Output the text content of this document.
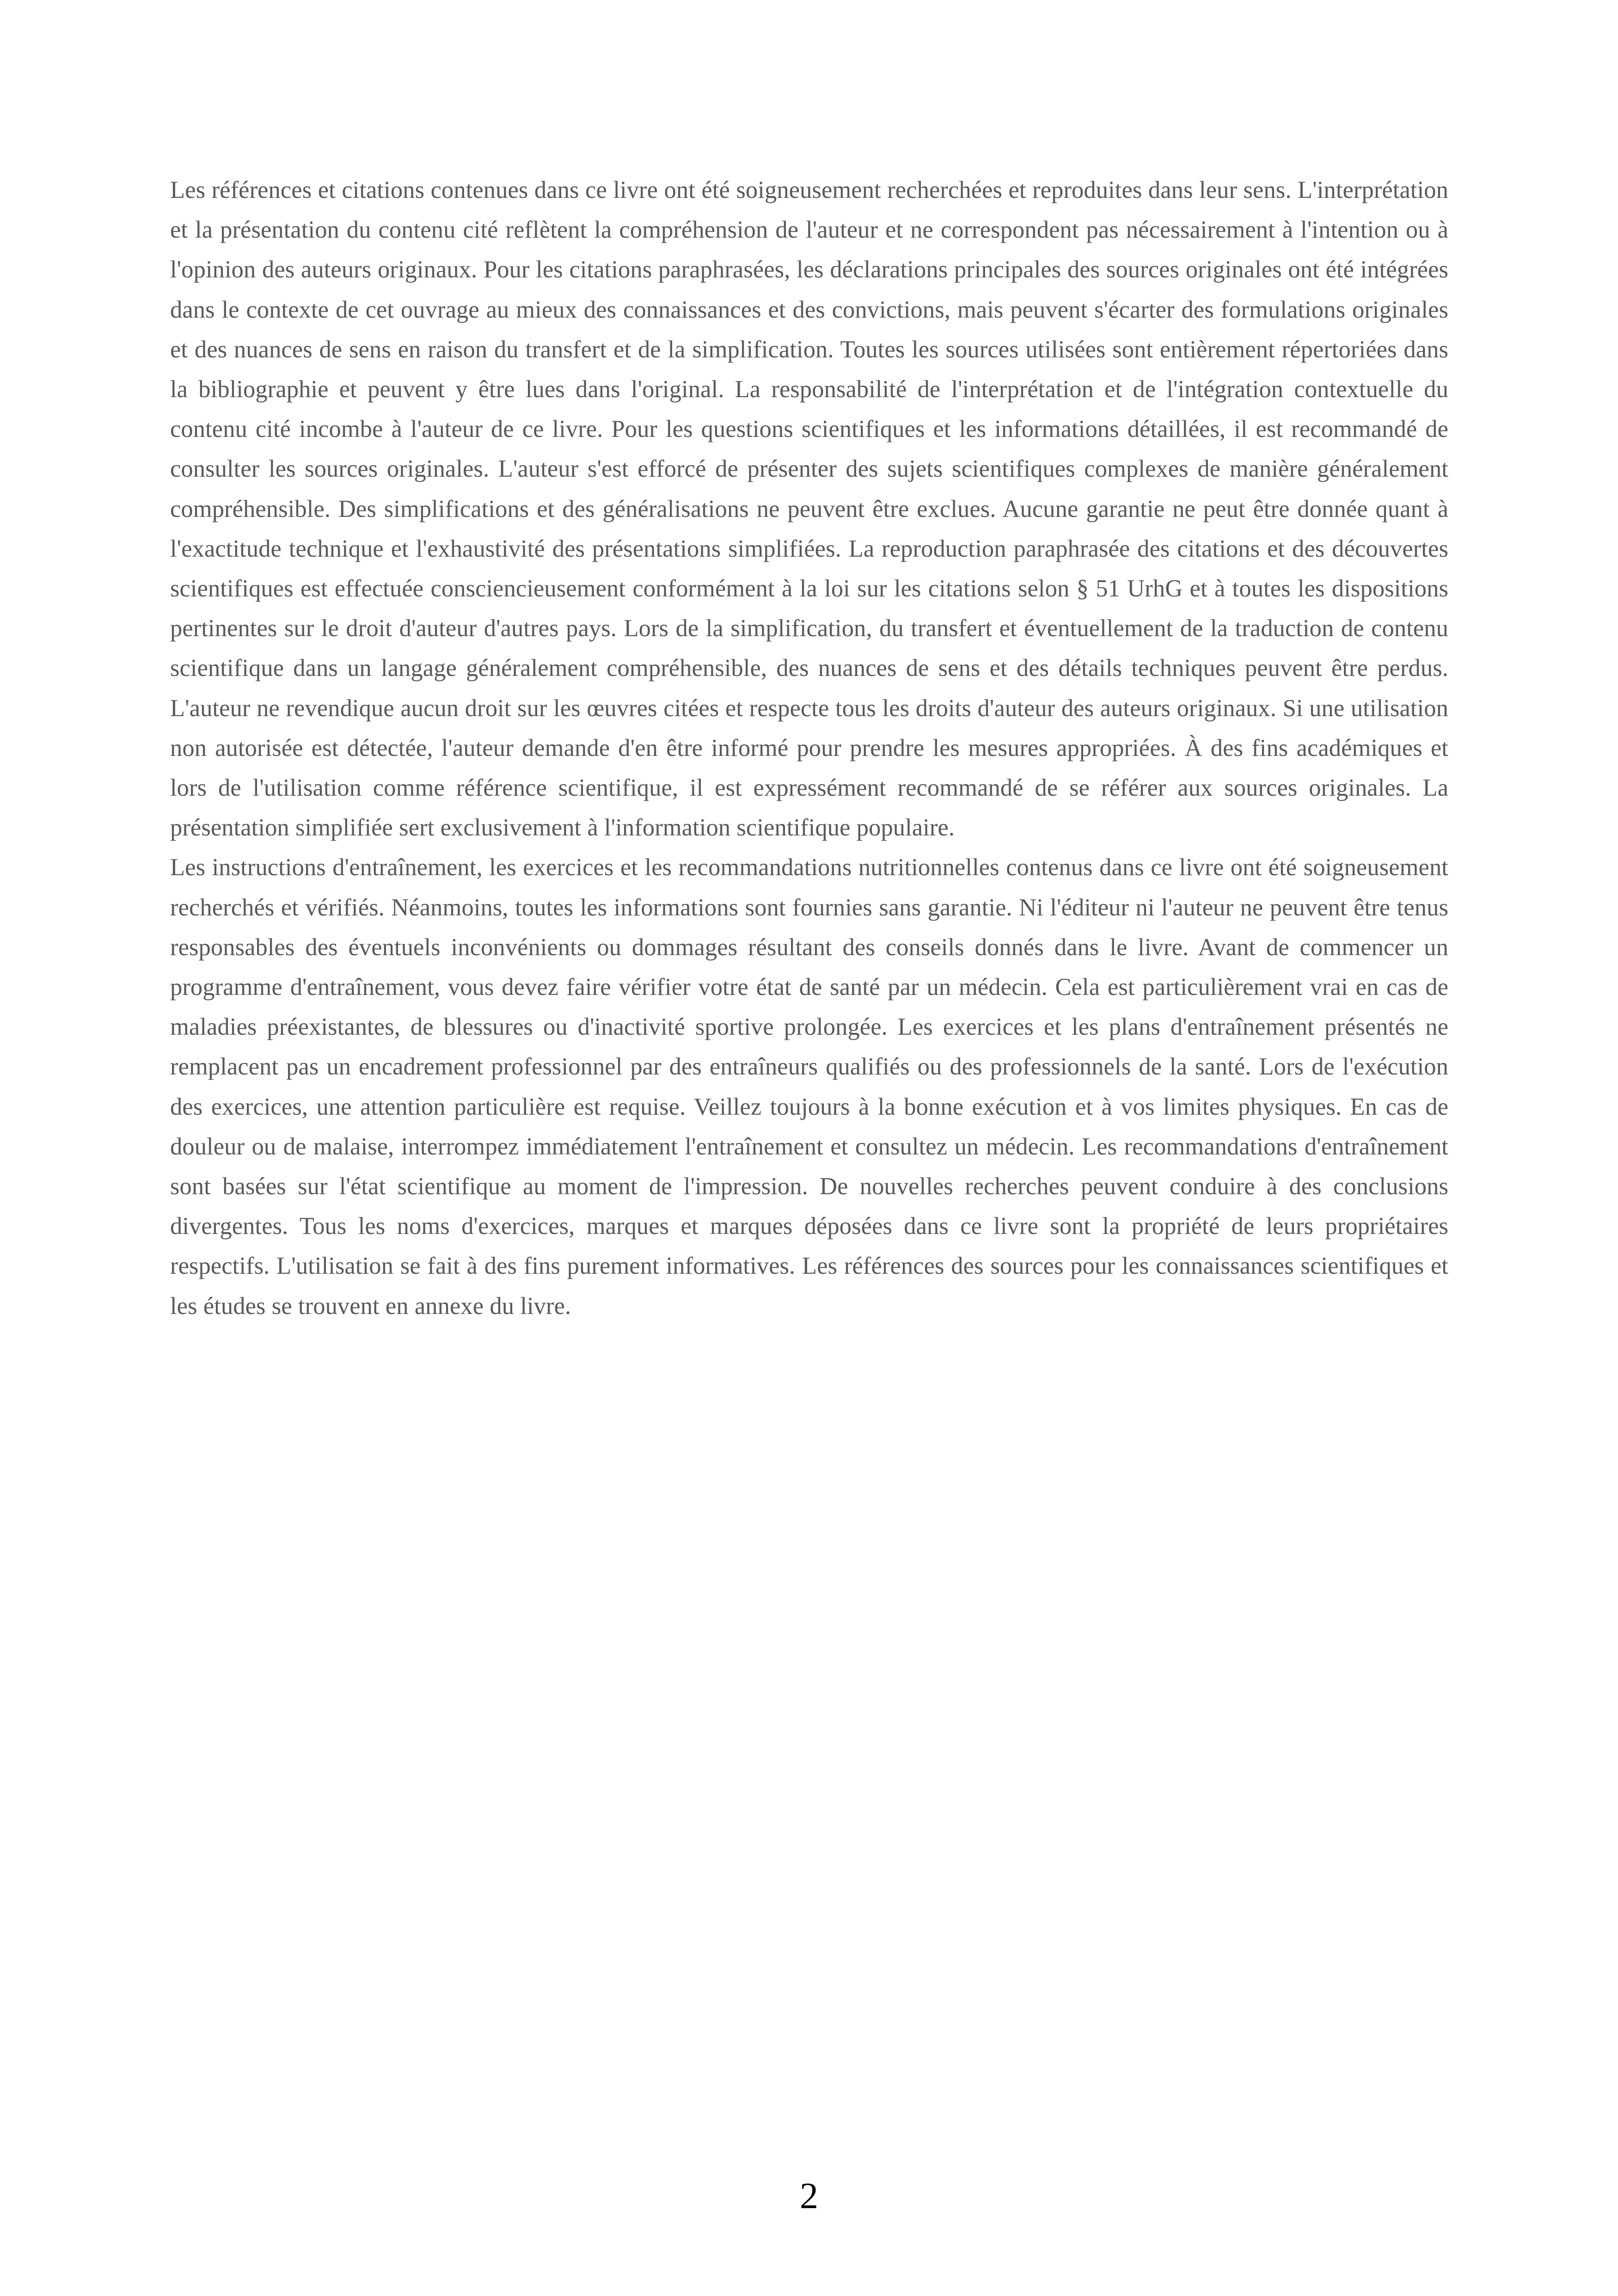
Les références et citations contenues dans ce livre ont été soigneusement recherchées et reproduites dans leur sens. L'interprétation et la présentation du contenu cité reflètent la compréhension de l'auteur et ne correspondent pas nécessairement à l'intention ou à l'opinion des auteurs originaux. Pour les citations paraphrasées, les déclarations principales des sources originales ont été intégrées dans le contexte de cet ouvrage au mieux des connaissances et des convictions, mais peuvent s'écarter des formulations originales et des nuances de sens en raison du transfert et de la simplification. Toutes les sources utilisées sont entièrement répertoriées dans la bibliographie et peuvent y être lues dans l'original. La responsabilité de l'interprétation et de l'intégration contextuelle du contenu cité incombe à l'auteur de ce livre. Pour les questions scientifiques et les informations détaillées, il est recommandé de consulter les sources originales. L'auteur s'est efforcé de présenter des sujets scientifiques complexes de manière généralement compréhensible. Des simplifications et des généralisations ne peuvent être exclues. Aucune garantie ne peut être donnée quant à l'exactitude technique et l'exhaustivité des présentations simplifiées. La reproduction paraphrasée des citations et des découvertes scientifiques est effectuée consciencieusement conformément à la loi sur les citations selon § 51 UrhG et à toutes les dispositions pertinentes sur le droit d'auteur d'autres pays. Lors de la simplification, du transfert et éventuellement de la traduction de contenu scientifique dans un langage généralement compréhensible, des nuances de sens et des détails techniques peuvent être perdus. L'auteur ne revendique aucun droit sur les œuvres citées et respecte tous les droits d'auteur des auteurs originaux. Si une utilisation non autorisée est détectée, l'auteur demande d'en être informé pour prendre les mesures appropriées. À des fins académiques et lors de l'utilisation comme référence scientifique, il est expressément recommandé de se référer aux sources originales. La présentation simplifiée sert exclusivement à l'information scientifique populaire.

Les instructions d'entraînement, les exercices et les recommandations nutritionnelles contenus dans ce livre ont été soigneusement recherchés et vérifiés. Néanmoins, toutes les informations sont fournies sans garantie. Ni l'éditeur ni l'auteur ne peuvent être tenus responsables des éventuels inconvénients ou dommages résultant des conseils donnés dans le livre. Avant de commencer un programme d'entraînement, vous devez faire vérifier votre état de santé par un médecin. Cela est particulièrement vrai en cas de maladies préexistantes, de blessures ou d'inactivité sportive prolongée. Les exercices et les plans d'entraînement présentés ne remplacent pas un encadrement professionnel par des entraîneurs qualifiés ou des professionnels de la santé. Lors de l'exécution des exercices, une attention particulière est requise. Veillez toujours à la bonne exécution et à vos limites physiques. En cas de douleur ou de malaise, interrompez immédiatement l'entraînement et consultez un médecin. Les recommandations d'entraînement sont basées sur l'état scientifique au moment de l'impression. De nouvelles recherches peuvent conduire à des conclusions divergentes. Tous les noms d'exercices, marques et marques déposées dans ce livre sont la propriété de leurs propriétaires respectifs. L'utilisation se fait à des fins purement informatives. Les références des sources pour les connaissances scientifiques et les études se trouvent en annexe du livre.

2
